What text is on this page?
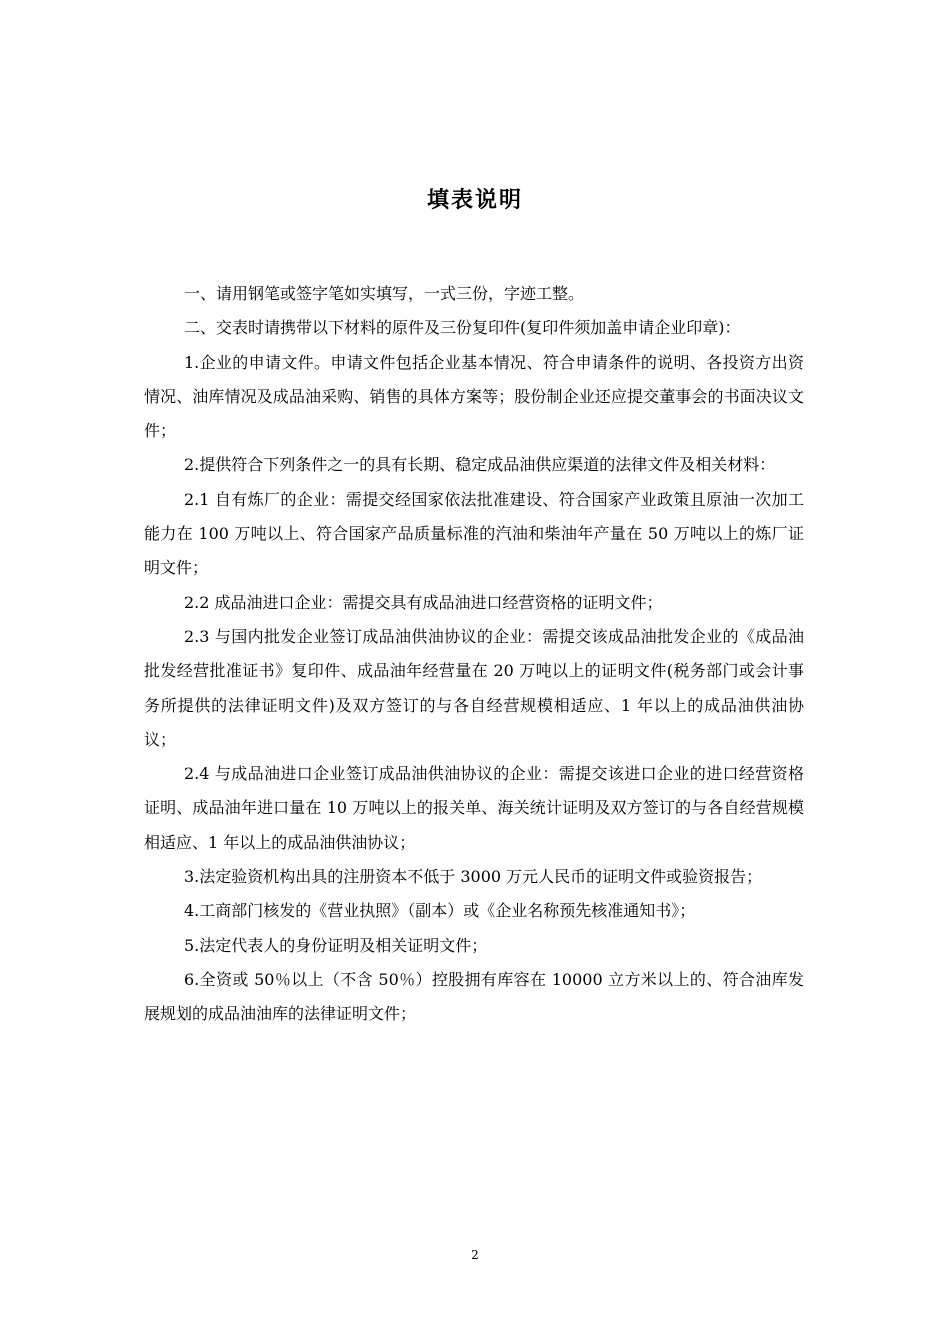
填表说明

一、请用钢笔或签字笔如实填写，一式三份，字迹工整。

二、交表时请携带以下材料的原件及三份复印件(复印件须加盖申请企业印章)：

1.企业的申请文件。申请文件包括企业基本情况、符合申请条件的说明、各投资方出资情况、油库情况及成品油采购、销售的具体方案等；股份制企业还应提交董事会的书面决议文件；

2.提供符合下列条件之一的具有长期、稳定成品油供应渠道的法律文件及相关材料：

2.1 自有炼厂的企业：需提交经国家依法批准建设、符合国家产业政策且原油一次加工能力在 100 万吨以上、符合国家产品质量标准的汽油和柴油年产量在 50 万吨以上的炼厂证明文件；

2.2 成品油进口企业：需提交具有成品油进口经营资格的证明文件；

2.3 与国内批发企业签订成品油供油协议的企业：需提交该成品油批发企业的《成品油批发经营批准证书》复印件、成品油年经营量在 20 万吨以上的证明文件(税务部门或会计事务所提供的法律证明文件)及双方签订的与各自经营规模相适应、1 年以上的成品油供油协议；

2.4 与成品油进口企业签订成品油供油协议的企业：需提交该进口企业的进口经营资格证明、成品油年进口量在 10 万吨以上的报关单、海关统计证明及双方签订的与各自经营规模相适应、1 年以上的成品油供油协议；

3.法定验资机构出具的注册资本不低于 3000 万元人民币的证明文件或验资报告；

4.工商部门核发的《营业执照》（副本）或《企业名称预先核准通知书》；

5.法定代表人的身份证明及相关证明文件；

6.全资或 50％以上（不含 50％）控股拥有库容在 10000 立方米以上的、符合油库发展规划的成品油油库的法律证明文件；

2
